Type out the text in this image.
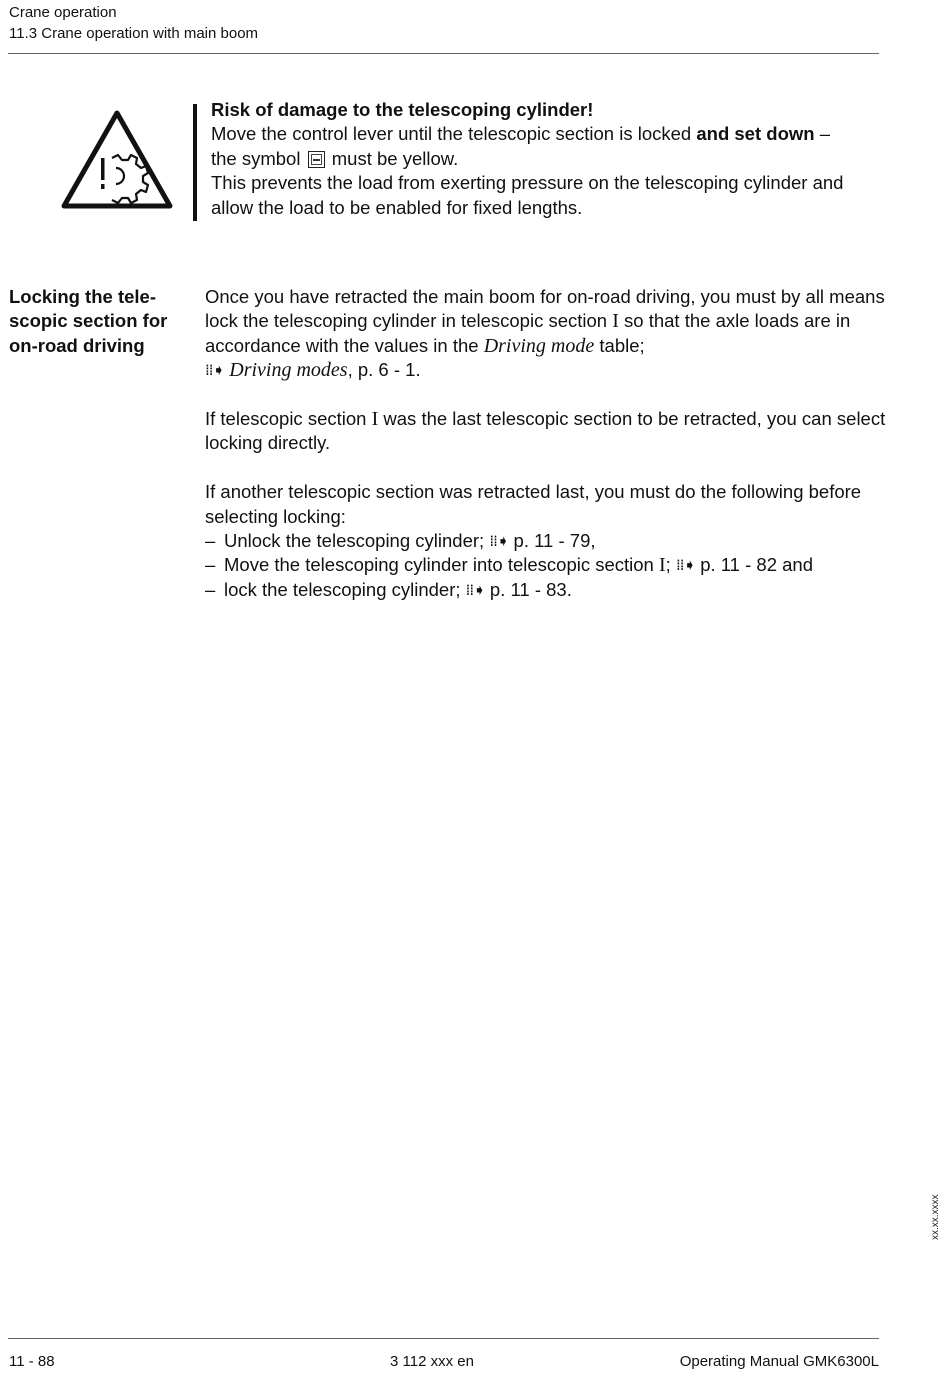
Crane operation
11.3 Crane operation with main boom

Risk of damage to the telescoping cylinder!

Move the control lever until the telescopic section is locked and set down –

the symbol  must be yellow.

This prevents the load from exerting pressure on the telescoping cylinder and allow the load to be enabled for fixed lengths.

Locking the tele-
scopic section for
on-road driving

Once you have retracted the main boom for on-road driving, you must by all means lock the telescoping cylinder in telescopic section I so that the axle loads are in accordance with the values in the Driving mode table;
⁞⁞➧ Driving modes, p. 6 - 1.

If telescopic section I was the last telescopic section to be retracted, you can select locking directly.

If another telescopic section was retracted last, you must do the following before selecting locking:
– Unlock the telescoping cylinder; ⁞⁞➧ p. 11 - 79,
– Move the telescoping cylinder into telescopic section I; ⁞⁞➧ p. 11 - 82 and
– lock the telescoping cylinder; ⁞⁞➧ p. 11 - 83.
xx.xx.xxxx
11 - 88	3 112 xxx en	Operating Manual GMK6300L
